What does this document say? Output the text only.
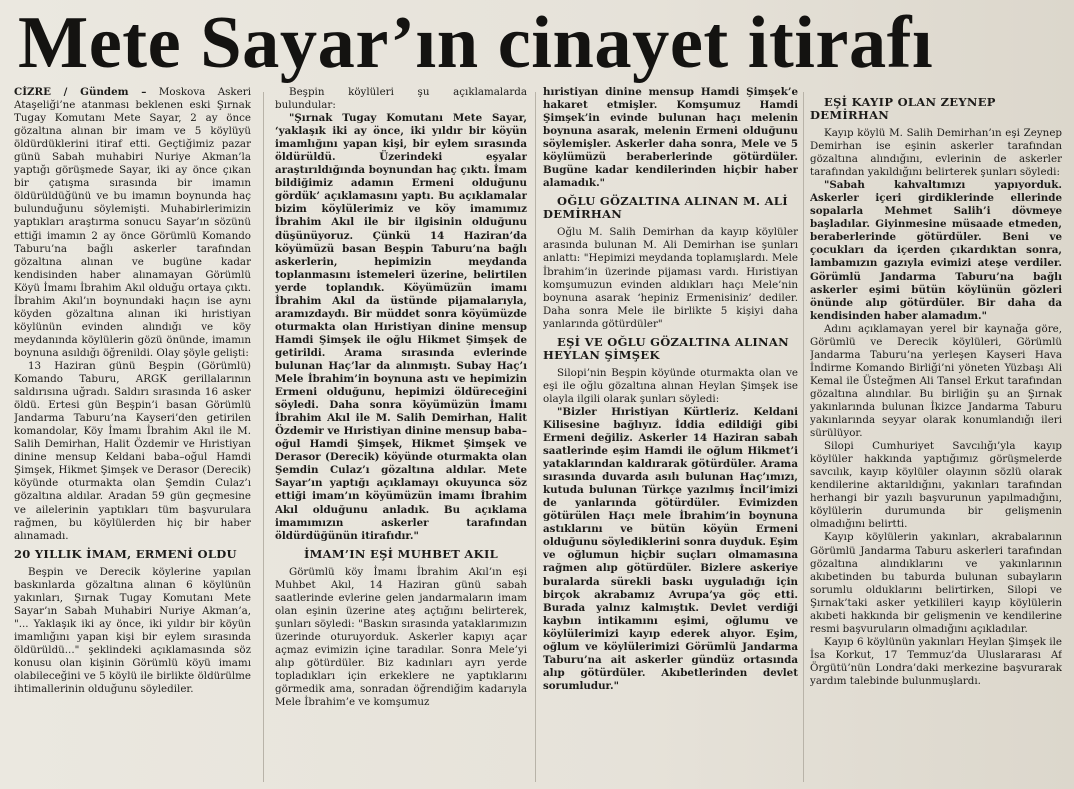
Mete Sayar’ın cinayet itirafı

CİZRE / Gündem – Moskova Askeri Ataşeliği’ne atanması beklenen eski Şırnak Tugay Komutanı Mete Sayar, 2 ay önce gözaltına alınan bir imam ve 5 köylüyü öldürdüklerini itiraf etti. Geçtiğimiz pazar günü Sabah muhabiri Nuriye Akman’la yaptığı görüşmede Sayar, iki ay önce çıkan bir çatışma sırasında bir imamın öldürüldüğünü ve bu imamın boynunda haç bulunduğunu söylemişti. Muhabirlerimizin yaptıkları araştırma sonucu Sayar’ın sözünü ettiği imamın 2 ay önce Görümlü Komando Taburu’na bağlı askerler tarafından gözaltına alınan ve bugüne kadar kendisinden haber alınamayan Görümlü Köyü İmamı İbrahim Akıl olduğu ortaya çıktı. İbrahim Akıl’ın boynundaki haçın ise aynı köyden gözaltına alınan iki hıristiyan köylünün evinden alındığı ve köy meydanında köylülerin gözü önünde, imamın boynuna asıldığı öğrenildi. Olay şöyle gelişti:

13 Haziran günü Beşpin (Görümlü) Komando Taburu, ARGK gerillalarının saldırısına uğradı. Saldırı sırasında 16 asker öldü. Ertesi gün Beşpin’i basan Görümlü Jandarma Taburu’na Kayseri’den getirilen komandolar, Köy İmamı İbrahim Akıl ile M. Salih Demirhan, Halit Özdemir ve Hıristiyan dinine mensup Keldani baba–oğul Hamdi Şimşek, Hikmet Şimşek ve Derasor (Derecik) köyünde oturmakta olan Şemdin Culaz’ı gözaltına aldılar. Aradan 59 gün geçmesine ve ailelerinin yaptıkları tüm başvurulara rağmen, bu köylülerden hiç bir haber alınamadı.

20 YILLIK İMAM, ERMENİ OLDU

Beşpin ve Derecik köylerine yapılan baskınlarda gözaltına alınan 6 köylünün yakınları, Şırnak Tugay Komutanı Mete Sayar’ın Sabah Muhabiri Nuriye Akman’a, "... Yaklaşık iki ay önce, iki yıldır bir köyün imamlığını yapan kişi bir eylem sırasında öldürüldü..." şeklindeki açıklamasında söz konusu olan kişinin Görümlü köyü imamı olabileceğini ve 5 köylü ile birlikte öldürülme ihtimallerinin olduğunu söylediler.

Beşpin köylüleri şu açıklamalarda bulundular:

"Şırnak Tugay Komutanı Mete Sayar, ‘yaklaşık iki ay önce, iki yıldır bir köyün imamlığını yapan kişi, bir eylem sırasında öldürüldü. Üzerindeki eşyalar araştırıldığında boynundan haç çıktı. İmam bildiğimiz adamın Ermeni olduğunu gördük’ açıklamasını yaptı. Bu açıklamalar bizim köylülerimiz ve köy imamımız İbrahim Akıl ile bir ilgisinin olduğunu düşünüyoruz. Çünkü 14 Haziran’da köyümüzü basan Beşpin Taburu’na bağlı askerlerin, hepimizin meydanda toplanmasını istemeleri üzerine, belirtilen yerde toplandık. Köyümüzün imamı İbrahim Akıl da üstünde pijamalarıyla, aramızdaydı. Bir müddet sonra köyümüzde oturmakta olan Hıristiyan dinine mensup Hamdi Şimşek ile oğlu Hikmet Şimşek de getirildi. Arama sırasında evlerinde bulunan Haç’lar da alınmıştı. Subay Haç’ı Mele İbrahim’in boynuna astı ve hepimizin Ermeni olduğunu, hepimizi öldüreceğini söyledi. Daha sonra köyümüzün İmamı İbrahim Akıl ile M. Salih Demirhan, Halit Özdemir ve Hıristiyan dinine mensup baba–oğul Hamdi Şimşek, Hikmet Şimşek ve Derasor (Derecik) köyünde oturmakta olan Şemdin Culaz’ı gözaltına aldılar. Mete Sayar’ın yaptığı açıklamayı okuyunca söz ettiği imam’ın köyümüzün imamı İbrahim Akıl olduğunu anladık. Bu açıklama imamımızın askerler tarafından öldürdüğünün itirafıdır."

İMAM’IN EŞİ MUHBET AKIL

Görümlü köy İmamı İbrahim Akıl’ın eşi Muhbet Akıl, 14 Haziran günü sabah saatlerinde evlerine gelen jandarmaların imam olan eşinin üzerine ateş açtığını belirterek, şunları söyledi: "Baskın sırasında yataklarımızın üzerinde oturuyorduk. Askerler kapıyı açar açmaz evimizin içine taradılar. Sonra Mele’yi alıp götürdüler. Biz kadınları ayrı yerde topladıkları için erkeklere ne yaptıklarını görmedik ama, sonradan öğrendiğim kadarıyla Mele İbrahim’e ve komşumuz

hıristiyan dinine mensup Hamdi Şimşek’e hakaret etmişler. Komşumuz Hamdi Şimşek’in evinde bulunan haçı melenin boynuna asarak, melenin Ermeni olduğunu söylemişler. Askerler daha sonra, Mele ve 5 köylümüzü beraberlerinde götürdüler. Bugüne kadar kendilerinden hiçbir haber alamadık."

OĞLU GÖZALTINA ALINAN M. ALİ DEMİRHAN

Oğlu M. Salih Demirhan da kayıp köylüler arasında bulunan M. Ali Demirhan ise şunları anlattı: "Hepimizi meydanda toplamışlardı. Mele İbrahim’in üzerinde pijaması vardı. Hıristiyan komşumuzun evinden aldıkları haçı Mele’nin boynuna asarak ‘hepiniz Ermenisiniz’ dediler. Daha sonra Mele ile birlikte 5 kişiyi daha yanlarında götürdüler"

EŞİ VE OĞLU GÖZALTINA ALINAN HEYLAN ŞİMŞEK

Silopi’nin Beşpin köyünde oturmakta olan ve eşi ile oğlu gözaltına alınan Heylan Şimşek ise olayla ilgili olarak şunları söyledi:

"Bizler Hıristiyan Kürtleriz. Keldani Kilisesine bağlıyız. İddia edildiği gibi Ermeni değiliz. Askerler 14 Haziran sabah saatlerinde eşim Hamdi ile oğlum Hikmet’i yataklarından kaldırarak götürdüler. Arama sırasında duvarda asılı bulunan Haç’ımızı, kutuda bulunan Türkçe yazılmış İncil’imizi de yanlarında götürdüler. Evimizden götürülen Haçı mele İbrahim’in boynuna astıklarını ve bütün köyün Ermeni olduğunu söylediklerini sonra duyduk. Eşim ve oğlumun hiçbir suçları olmamasına rağmen alıp götürdüler. Bizlere askeriye buralarda sürekli baskı uyguladığı için birçok akrabamız Avrupa’ya göç etti. Burada yalnız kalmıştık. Devlet verdiği kaybın intikamını eşimi, oğlumu ve köylülerimizi kayıp ederek alıyor. Eşim, oğlum ve köylülerimizi Görümlü Jandarma Taburu’na ait askerler gündüz ortasında alıp götürdüler. Akıbetlerinden devlet sorumludur."

EŞİ KAYIP OLAN ZEYNEP DEMİRHAN

Kayıp köylü M. Salih Demirhan’ın eşi Zeynep Demirhan ise eşinin askerler tarafından gözaltına alındığını, evlerinin de askerler tarafından yakıldığını belirterek şunları söyledi:

"Sabah kahvaltımızı yapıyorduk. Askerler içeri girdiklerinde ellerinde sopalarla Mehmet Salih’i dövmeye başladılar. Giyinmesine müsaade etmeden, beraberlerinde götürdüler. Beni ve çocukları da içerden çıkardıktan sonra, lambamızın gazıyla evimizi ateşe verdiler. Görümlü Jandarma Taburu’na bağlı askerler eşimi bütün köylünün gözleri önünde alıp götürdüler. Bir daha da kendisinden haber alamadım."

Adını açıklamayan yerel bir kaynağa göre, Görümlü ve Derecik köylüleri, Görümlü Jandarma Taburu’na yerleşen Kayseri Hava İndirme Komando Birliği’ni yöneten Yüzbaşı Ali Kemal ile Üsteğmen Ali Tansel Erkut tarafından gözaltına alındılar. Bu birliğin şu an Şırnak yakınlarında bulunan İkizce Jandarma Taburu yakınlarında seyyar olarak konumlandığı ileri sürülüyor.

Silopi Cumhuriyet Savcılığı’yla kayıp köylüler hakkında yaptığımız görüşmelerde savcılık, kayıp köylüler olayının sözlü olarak kendilerine aktarıldığını, yakınları tarafından herhangi bir yazılı başvurunun yapılmadığını, köylülerin durumunda bir gelişmenin olmadığını belirtti.

Kayıp köylülerin yakınları, akrabalarının Görümlü Jandarma Taburu askerleri tarafından gözaltına alındıklarını ve yakınlarının akıbetinden bu taburda bulunan subayların sorumlu olduklarını belirtirken, Silopi ve Şırnak’taki asker yetkilileri kayıp köylülerin akıbeti hakkında bir gelişmenin ve kendilerine resmi başvuruların olmadığını açıkladılar.

Kayıp 6 köylünün yakınları Heylan Şimşek ile İsa Korkut, 17 Temmuz’da Uluslararası Af Örgütü’nün Londra’daki merkezine başvurarak yardım talebinde bulunmuşlardı.
